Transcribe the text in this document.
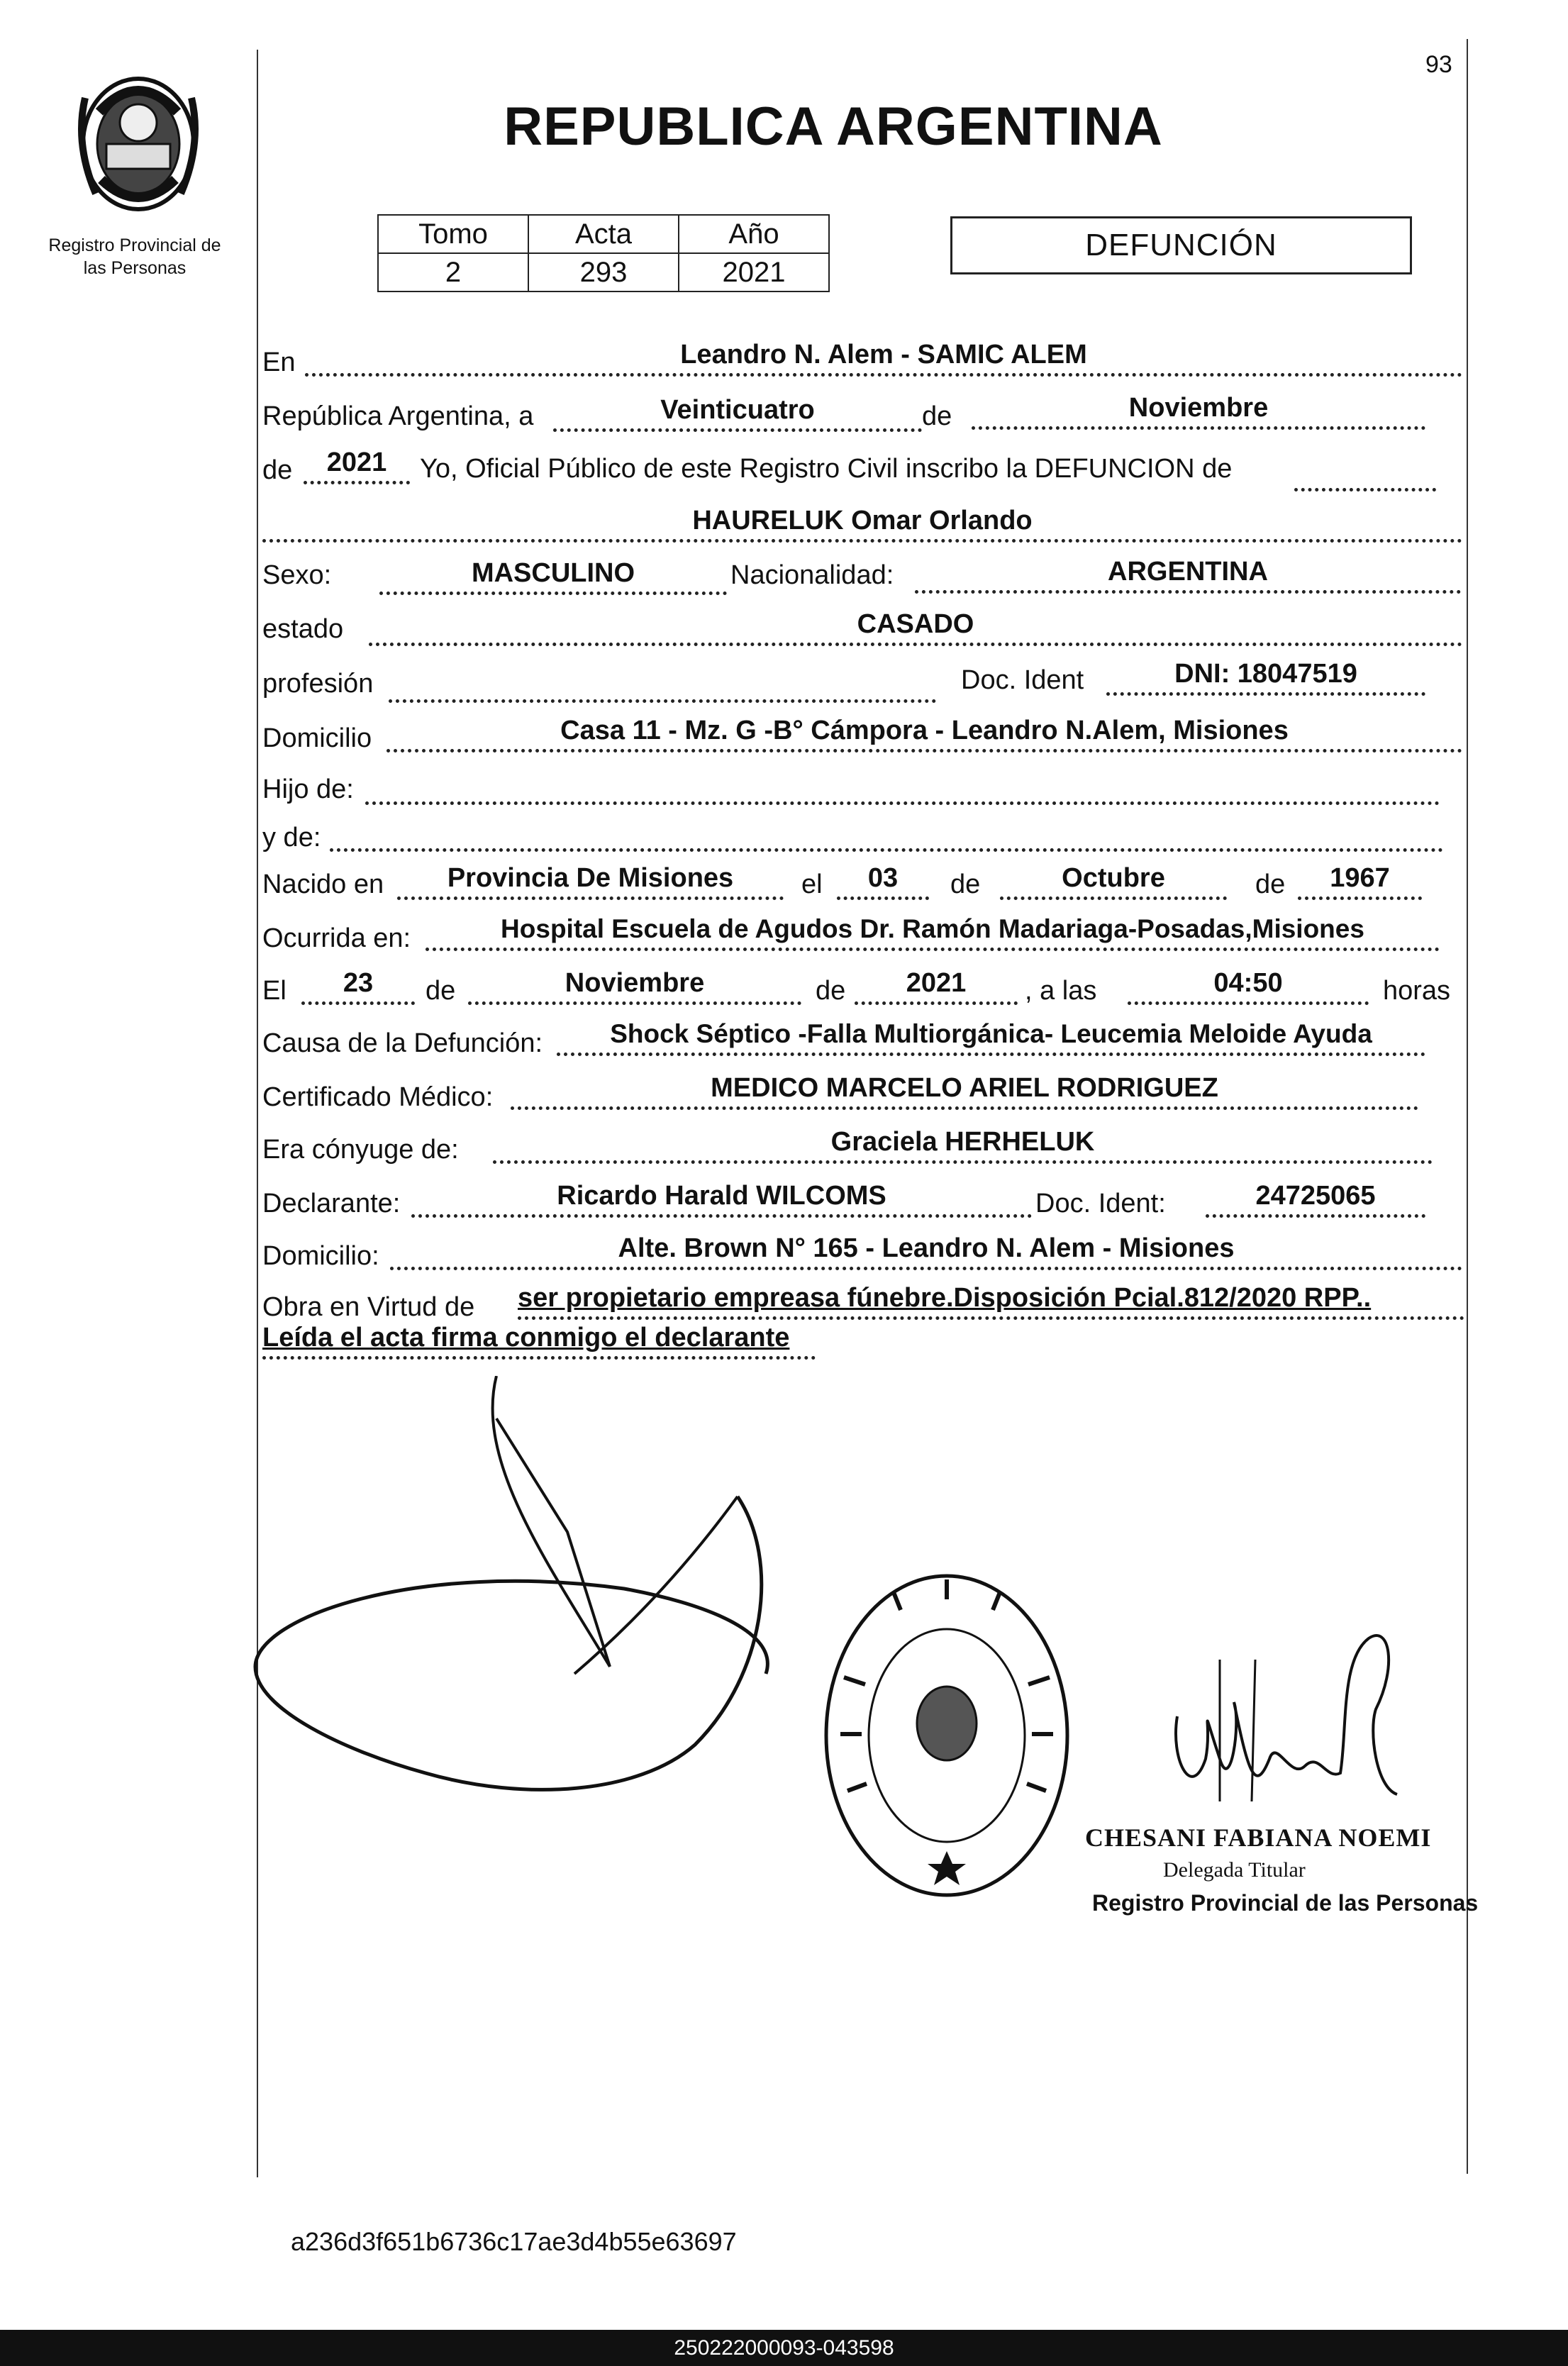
Registro Provincial de
las Personas
93
REPUBLICA ARGENTINA
Tomo	Acta	Año
2	293	2021
DEFUNCIÓN
En	Leandro N. Alem - SAMIC ALEM
República Argentina, a	Veinticuatro	de	Noviembre
de	2021	Yo, Oficial Público de este Registro Civil inscribo la DEFUNCION de
HAURELUK Omar Orlando
Sexo:	MASCULINO	Nacionalidad:	ARGENTINA
estado	CASADO
profesión	Doc. Ident	DNI: 18047519
Domicilio	Casa 11 - Mz. G -B° Cámpora - Leandro N.Alem, Misiones
Hijo de:
y de:
Nacido en	Provincia De Misiones	el	03	de	Octubre	de	1967
Ocurrida en:	Hospital Escuela de Agudos Dr. Ramón Madariaga-Posadas,Misiones
El	23	de	Noviembre	de	2021	, a las	04:50	horas
Causa de la Defunción:	Shock Séptico -Falla Multiorgánica- Leucemia Meloide Ayuda
Certificado Médico:	MEDICO MARCELO ARIEL RODRIGUEZ
Era cónyuge de:	Graciela HERHELUK
Declarante:	Ricardo Harald WILCOMS	Doc. Ident:	24725065
Domicilio:	Alte. Brown N° 165 - Leandro N. Alem - Misiones
Obra en Virtud de ser propietario empreasa fúnebre.Disposición Pcial.812/2020 RPP..
Leída el acta firma conmigo el declarante
CHESANI FABIANA NOEMI
Delegada Titular
Registro Provincial de las Personas
a236d3f651b6736c17ae3d4b55e63697
250222000093-043598
